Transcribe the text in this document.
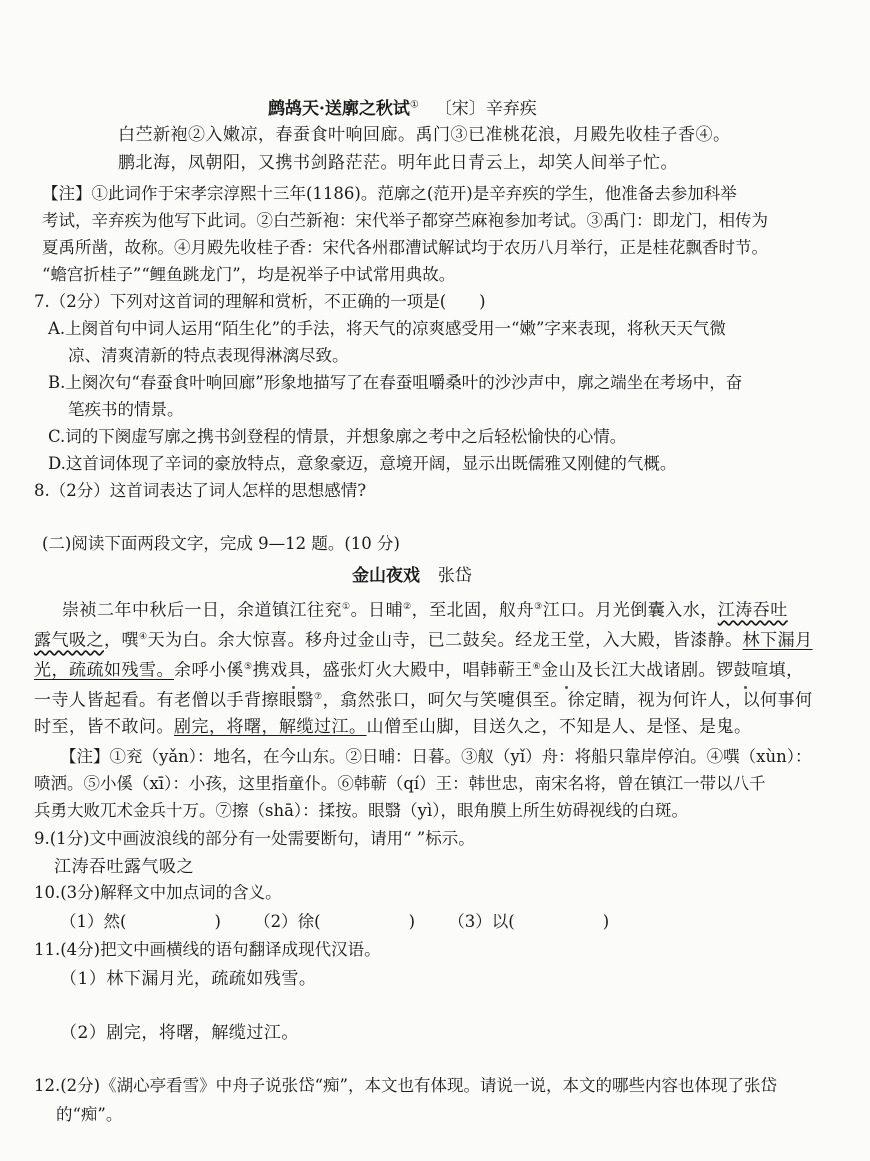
鹧鸪天·送廓之秋试① 〔宋〕辛弃疾
白苎新袍②入嫩凉，春蚕食叶响回廊。禹门③已准桃花浪，月殿先收桂子香④。
鹏北海，凤朝阳，又携书剑路茫茫。明年此日青云上，却笑人间举子忙。
【注】①此词作于宋孝宗淳熙十三年(1186)。范廓之(范开)是辛弃疾的学生，他准备去参加科举
考试，辛弃疾为他写下此词。②白苎新袍：宋代举子都穿苎麻袍参加考试。③禹门：即龙门，相传为
夏禹所凿，故称。④月殿先收桂子香：宋代各州郡漕试解试均于农历八月举行，正是桂花飘香时节。
“蟾宫折桂子”“鲤鱼跳龙门”，均是祝举子中试常用典故。
7.（2分）下列对这首词的理解和赏析，不正确的一项是(　　)
A.上阕首句中词人运用“陌生化”的手法，将天气的凉爽感受用一“嫩”字来表现，将秋天天气微
凉、清爽清新的特点表现得淋漓尽致。
B.上阕次句“春蚕食叶响回廊”形象地描写了在春蚕咀嚼桑叶的沙沙声中，廓之端坐在考场中，奋
笔疾书的情景。
C.词的下阕虚写廓之携书剑登程的情景，并想象廓之考中之后轻松愉快的心情。
D.这首词体现了辛词的豪放特点，意象豪迈，意境开阔，显示出既儒雅又刚健的气概。
8.（2分）这首词表达了词人怎样的思想感情?
(二)阅读下面两段文字，完成 9—12 题。(10 分)
金山夜戏 张岱
崇祯二年中秋后一日，余道镇江往兖①。日晡②，至北固，舣舟③江口。月光倒囊入水，江涛吞吐
露气吸之，噀④天为白。余大惊喜。移舟过金山寺，已二鼓矣。经龙王堂，入大殿，皆漆静。林下漏月
光，疏疏如残雪。余呼小傒⑤携戏具，盛张灯火大殿中，唱韩蕲王⑥金山及长江大战诸剧。锣鼓喧填，
一寺人皆起看。有老僧以手背擦眼翳⑦，翕然张口，呵欠与笑嚏俱至。徐定睛，视为何许人，以何事何
时至，皆不敢问。剧完，将曙，解缆过江。山僧至山脚，目送久之，不知是人、是怪、是鬼。
【注】①兖（yǎn）：地名，在今山东。②日晡：日暮。③舣（yǐ）舟：将船只靠岸停泊。④噀（xùn）：
喷洒。⑤小傒（xī）：小孩，这里指童仆。⑥韩蕲（qí）王：韩世忠，南宋名将，曾在镇江一带以八千
兵勇大败兀术金兵十万。⑦擦（shā）：揉按。眼翳（yì），眼角膜上所生妨碍视线的白斑。
9.(1分)文中画波浪线的部分有一处需要断句，请用“ ”标示。
江涛吞吐露气吸之
10.(3分)解释文中加点词的含义。
（1）然(	) （2）徐(	) （3）以(	)
11.(4分)把文中画横线的语句翻译成现代汉语。
（1）林下漏月光，疏疏如残雪。
（2）剧完，将曙，解缆过江。
12.(2分)《湖心亭看雪》中舟子说张岱“痴”，本文也有体现。请说一说，本文的哪些内容也体现了张岱
的“痴”。
